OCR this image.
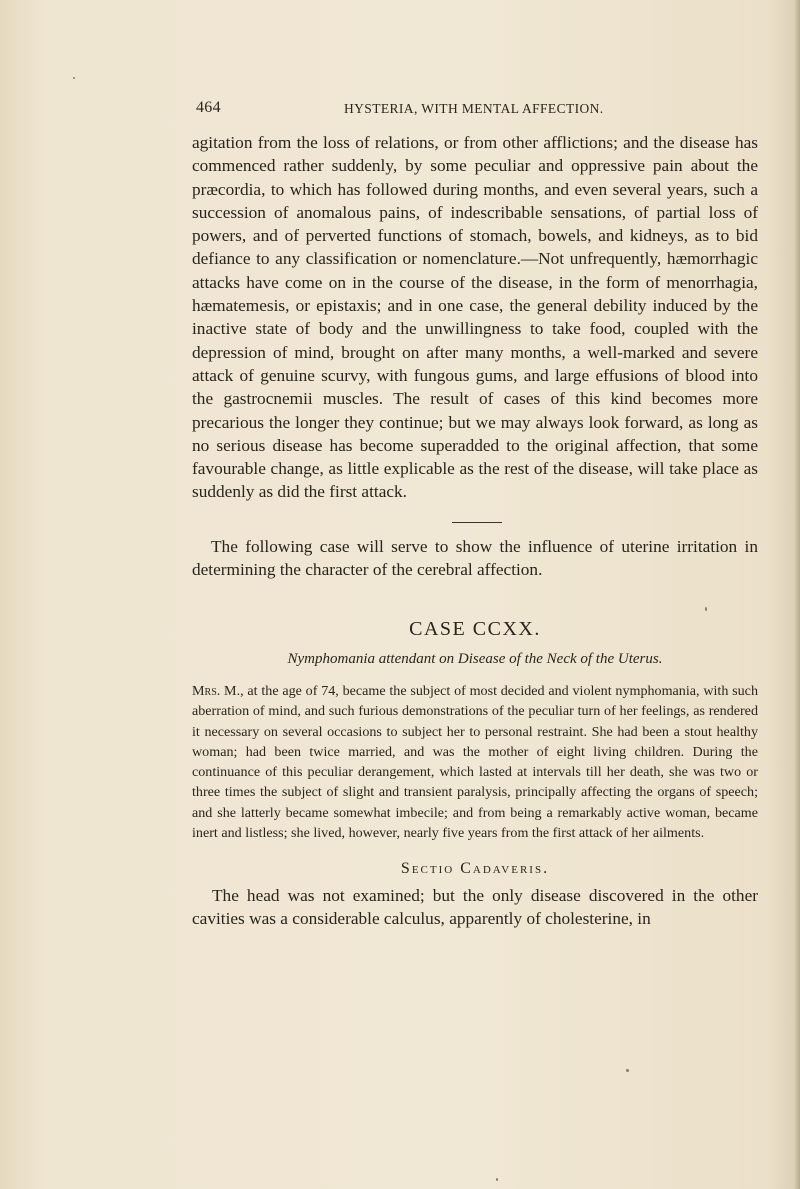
464	HYSTERIA, WITH MENTAL AFFECTION.

agitation from the loss of relations, or from other afflictions; and the disease has commenced rather suddenly, by some peculiar and oppressive pain about the præcordia, to which has followed during months, and even several years, such a succession of anomalous pains, of indescribable sensations, of partial loss of powers, and of perverted functions of stomach, bowels, and kidneys, as to bid defiance to any classification or nomenclature.—Not unfrequently, hæmorrhagic attacks have come on in the course of the disease, in the form of menorrhagia, hæmatemesis, or epistaxis; and in one case, the general debility induced by the inactive state of body and the unwillingness to take food, coupled with the depression of mind, brought on after many months, a well-marked and severe attack of genuine scurvy, with fungous gums, and large effusions of blood into the gastrocnemii muscles. The result of cases of this kind becomes more precarious the longer they continue; but we may always look forward, as long as no serious disease has become superadded to the original affection, that some favourable change, as little explicable as the rest of the disease, will take place as suddenly as did the first attack.

The following case will serve to show the influence of uterine irritation in determining the character of the cerebral affection.

CASE CCXX.
Nymphomania attendant on Disease of the Neck of the Uterus.

Mrs. M., at the age of 74, became the subject of most decided and violent nymphomania, with such aberration of mind, and such furious demonstrations of the peculiar turn of her feelings, as rendered it necessary on several occasions to subject her to personal restraint. She had been a stout healthy woman; had been twice married, and was the mother of eight living children. During the continuance of this peculiar derangement, which lasted at intervals till her death, she was two or three times the subject of slight and transient paralysis, principally affecting the organs of speech; and she latterly became somewhat imbecile; and from being a remarkably active woman, became inert and listless; she lived, however, nearly five years from the first attack of her ailments.

Sectio Cadaveris.

The head was not examined; but the only disease discovered in the other cavities was a considerable calculus, apparently of cholesterine, in
